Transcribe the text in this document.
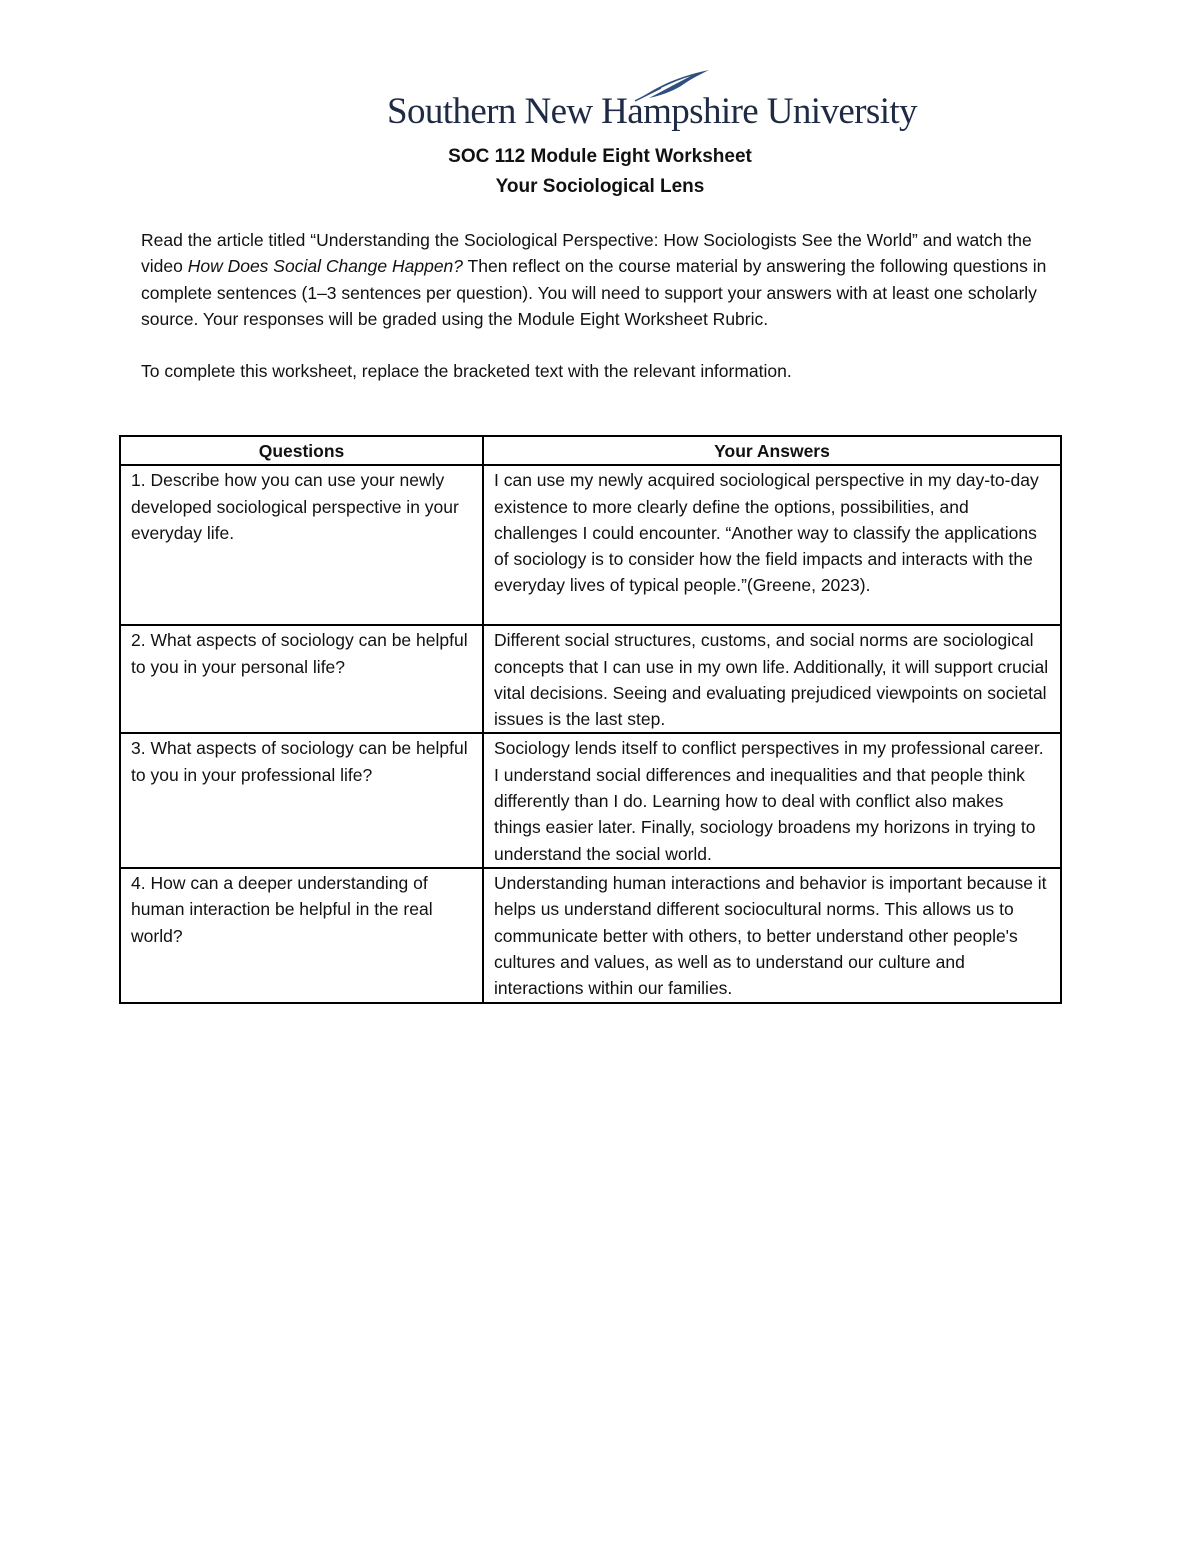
Southern New Hampshire University
SOC 112 Module Eight Worksheet
Your Sociological Lens

Read the article titled “Understanding the Sociological Perspective: How Sociologists See the World” and watch the video How Does Social Change Happen? Then reflect on the course material by answering the following questions in complete sentences (1–3 sentences per question). You will need to support your answers with at least one scholarly source. Your responses will be graded using the Module Eight Worksheet Rubric.

To complete this worksheet, replace the bracketed text with the relevant information.

Questions	Your Answers
1. Describe how you can use your newly developed sociological perspective in your everyday life.	I can use my newly acquired sociological perspective in my day-to-day existence to more clearly define the options, possibilities, and challenges I could encounter. “Another way to classify the applications of sociology is to consider how the field impacts and interacts with the everyday lives of typical people.”(Greene, 2023).
2. What aspects of sociology can be helpful to you in your personal life?	Different social structures, customs, and social norms are sociological concepts that I can use in my own life. Additionally, it will support crucial vital decisions. Seeing and evaluating prejudiced viewpoints on societal issues is the last step.
3. What aspects of sociology can be helpful to you in your professional life?	Sociology lends itself to conflict perspectives in my professional career. I understand social differences and inequalities and that people think differently than I do. Learning how to deal with conflict also makes things easier later. Finally, sociology broadens my horizons in trying to understand the social world.
4. How can a deeper understanding of human interaction be helpful in the real world?	Understanding human interactions and behavior is important because it helps us understand different sociocultural norms. This allows us to communicate better with others, to better understand other people's cultures and values, as well as to understand our culture and interactions within our families.
